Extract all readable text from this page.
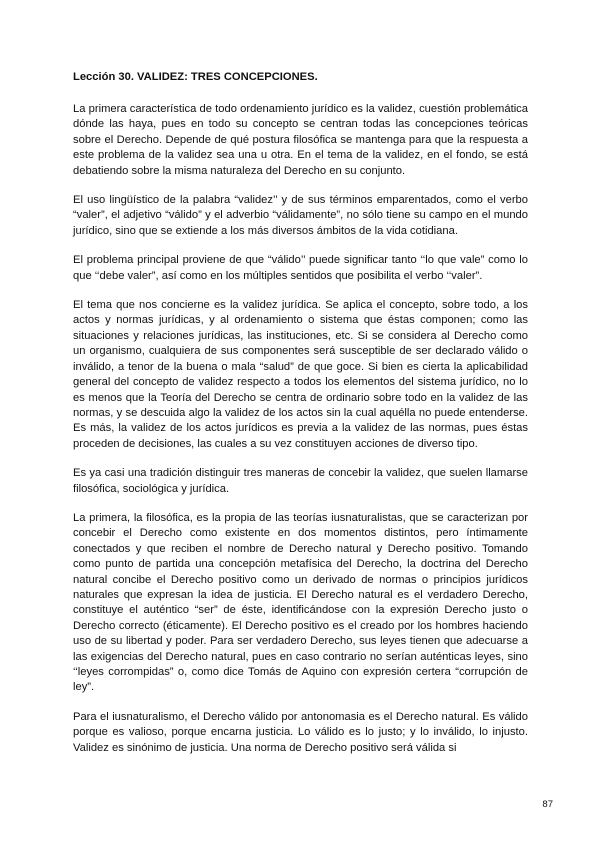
Lección 30. VALIDEZ: TRES CONCEPCIONES.

La primera característica de todo ordenamiento jurídico es la validez, cuestión problemática dónde las haya, pues en todo su concepto se centran todas las concepciones teóricas sobre el Derecho. Depende de qué postura filosófica se mantenga para que la respuesta a este problema de la validez sea una u otra. En el tema de la validez, en el fondo, se está debatiendo sobre la misma naturaleza del Derecho en su conjunto.

El uso lingüístico de la palabra “validez’’ y de sus términos emparentados, como el verbo “valer”, el adjetivo “válido” y el adverbio “válidamente”, no sólo tiene su campo en el mundo jurídico, sino que se extiende a los más diversos ámbitos de la vida cotidiana.

El problema principal proviene de que “válido’’ puede significar tanto ‘‘lo que vale” como lo que ‘‘debe valer”, así como en los múltiples sentidos que posibilita el verbo ‘‘valer”.

El tema que nos concierne es la validez jurídica. Se aplica el concepto, sobre todo, a los actos y normas jurídicas, y al ordenamiento o sistema que éstas componen; como las situaciones y relaciones jurídicas, las instituciones, etc. Si se considera al Derecho como un organismo, cualquiera de sus componentes será susceptible de ser declarado válido o inválido, a tenor de la buena o mala “salud” de que goce. Si bien es cierta la aplicabilidad general del concepto de validez respecto a todos los elementos del sistema jurídico, no lo es menos que la Teoría del Derecho se centra de ordinario sobre todo en la validez de las normas, y se descuida algo la validez de los actos sin la cual aquélla no puede entenderse. Es más, la validez de los actos jurídicos es previa a la validez de las normas, pues éstas proceden de decisiones, las cuales a su vez constituyen acciones de diverso tipo.

Es ya casi una tradición distinguir tres maneras de concebir la validez, que suelen llamarse filosófica, sociológica y jurídica.

La primera, la filosófica, es la propia de las teorías iusnaturalistas, que se caracterizan por concebir el Derecho como existente en dos momentos distintos, pero íntimamente conectados y que reciben el nombre de Derecho natural y Derecho positivo. Tomando como punto de partida una concepción metafísica del Derecho, la doctrina del Derecho natural concibe el Derecho positivo como un derivado de normas o principios jurídicos naturales que expresan la idea de justicia. El Derecho natural es el verdadero Derecho, constituye el auténtico “ser” de éste, identificándose con la expresión Derecho justo o Derecho correcto (éticamente). El Derecho positivo es el creado por los hombres haciendo uso de su libertad y poder. Para ser verdadero Derecho, sus leyes tienen que adecuarse a las exigencias del Derecho natural, pues en caso contrario no serían auténticas leyes, sino ‘‘leyes corrompidas” o, como dice Tomás de Aquino con expresión certera “corrupción de ley”.

Para el iusnaturalismo, el Derecho válido por antonomasia es el Derecho natural. Es válido porque es valioso, porque encarna justicia. Lo válido es lo justo; y lo inválido, lo injusto. Validez es sinónimo de justicia. Una norma de Derecho positivo será válida si

87
